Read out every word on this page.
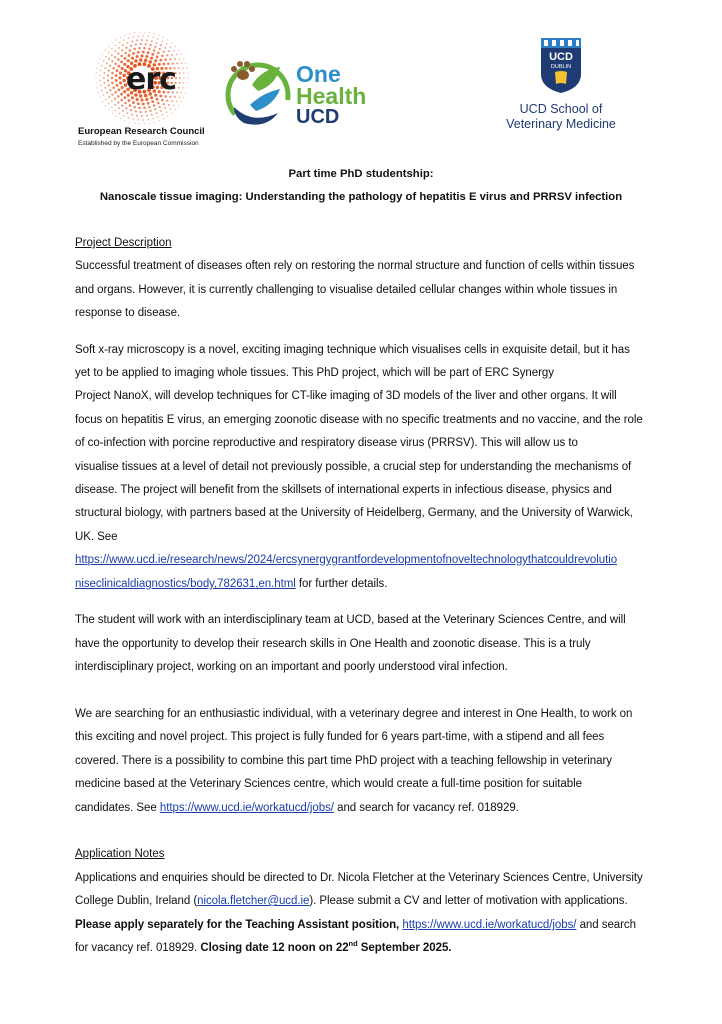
erc
European Research Council
Established by the European Commission
One
Health
UCD
UCD
DUBLIN
UCD School of
Veterinary Medicine
Part time PhD studentship:
Nanoscale tissue imaging: Understanding the pathology of hepatitis E virus and PRRSV infection
Project Description
Successful treatment of diseases often rely on restoring the normal structure and function of cells within tissues
and organs. However, it is currently challenging to visualise detailed cellular changes within whole tissues in
response to disease.
Soft x-ray microscopy is a novel, exciting imaging technique which visualises cells in exquisite detail, but it has
yet to be applied to imaging whole tissues. This PhD project, which will be part of ERC Synergy
Project NanoX, will develop techniques for CT-like imaging of 3D models of the liver and other organs. It will
focus on hepatitis E virus, an emerging zoonotic disease with no specific treatments and no vaccine, and the role
of co-infection with porcine reproductive and respiratory disease virus (PRRSV). This will allow us to
visualise tissues at a level of detail not previously possible, a crucial step for understanding the mechanisms of
disease. The project will benefit from the skillsets of international experts in infectious disease, physics and
structural biology, with partners based at the University of Heidelberg, Germany, and the University of Warwick,
UK. See
https://www.ucd.ie/research/news/2024/ercsynergygrantfordevelopmentofnoveltechnologythatcouldrevolutio
niseclinicaldiagnostics/body,782631,en.html for further details.
The student will work with an interdisciplinary team at UCD, based at the Veterinary Sciences Centre, and will
have the opportunity to develop their research skills in One Health and zoonotic disease. This is a truly
interdisciplinary project, working on an important and poorly understood viral infection.
We are searching for an enthusiastic individual, with a veterinary degree and interest in One Health, to work on
this exciting and novel project. This project is fully funded for 6 years part-time, with a stipend and all fees
covered. There is a possibility to combine this part time PhD project with a teaching fellowship in veterinary
medicine based at the Veterinary Sciences centre, which would create a full-time position for suitable
candidates. See https://www.ucd.ie/workatucd/jobs/ and search for vacancy ref. 018929.
Application Notes
Applications and enquiries should be directed to Dr. Nicola Fletcher at the Veterinary Sciences Centre, University
College Dublin, Ireland (nicola.fletcher@ucd.ie). Please submit a CV and letter of motivation with applications.
Please apply separately for the Teaching Assistant position, https://www.ucd.ie/workatucd/jobs/ and search
for vacancy ref. 018929. Closing date 12 noon on 22nd September 2025.
